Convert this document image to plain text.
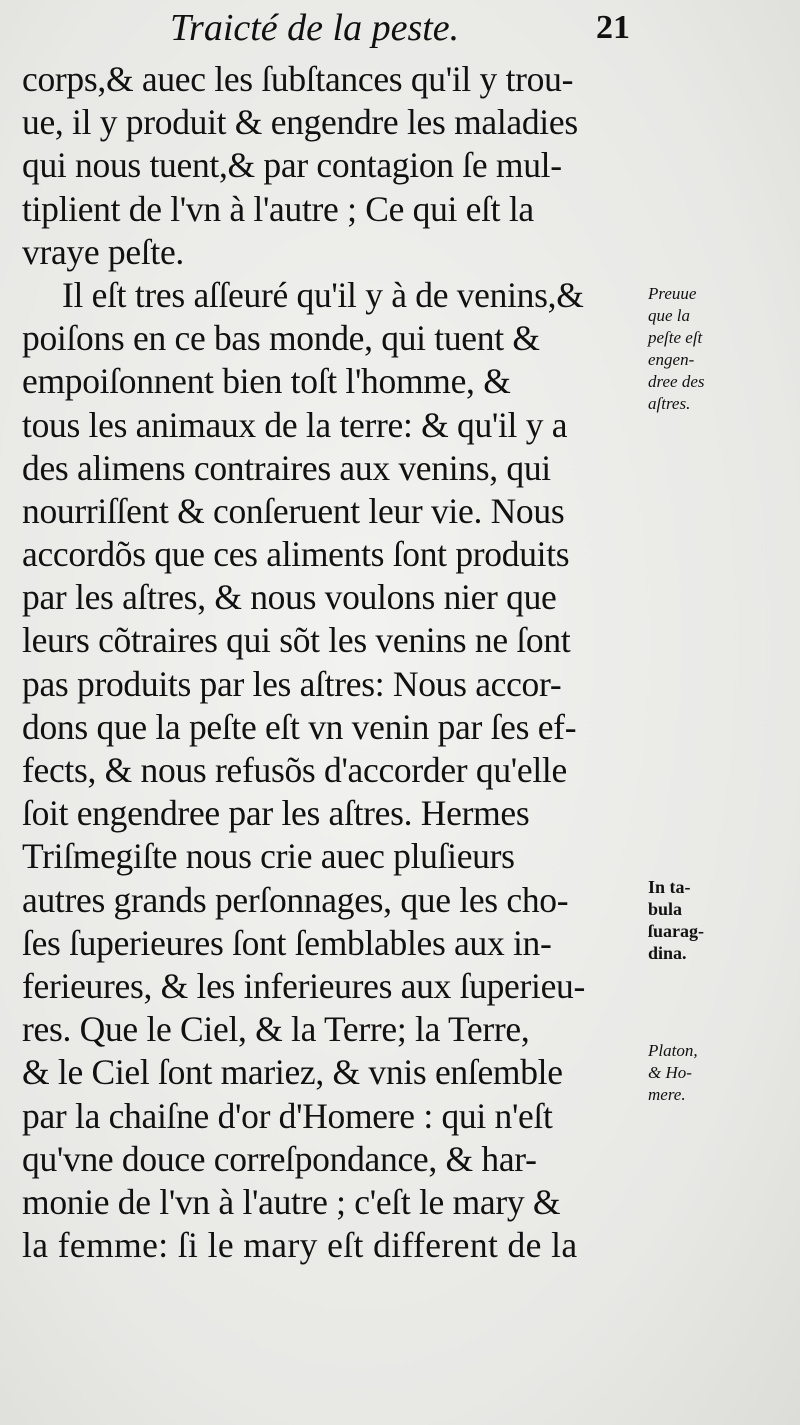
Traicté de la peste.	21
corps,& auec les ſubſtances qu'il y trou-
ue, il y produit & engendre les maladies
qui nous tuent,& par contagion ſe mul-
tiplient de l'vn à l'autre ; Ce qui eſt la
vraye peſte.
Il eſt tres aſſeuré qu'il y à de venins,&
poiſons en ce bas monde, qui tuent &
empoiſonnent bien toſt l'homme, &
tous les animaux de la terre: & qu'il y a
des alimens contraires aux venins, qui
nourriſſent & conſeruent leur vie. Nous
accordõs que ces aliments ſont produits
par les aſtres, & nous voulons nier que
leurs cõtraires qui sõt les venins ne ſont
pas produits par les aſtres: Nous accor-
dons que la peſte eſt vn venin par ſes ef-
fects, & nous refusõs d'accorder qu'elle
ſoit engendree par les aſtres. Hermes
Triſmegiſte nous crie auec pluſieurs
autres grands perſonnages, que les cho-
ſes ſuperieures ſont ſemblables aux in-
ferieures, & les inferieures aux ſuperieu-
res. Que le Ciel, & la Terre; la Terre,
& le Ciel ſont mariez, & vnis enſemble
par la chaiſne d'or d'Homere : qui n'eſt
qu'vne douce correſpondance, & har-
monie de l'vn à l'autre ; c'eſt le mary &
la femme: ſi le mary eſt different de la
Preuue
que la
peſte eſt
engen-
dree des
aſtres.
In ta-
bula
ſuarag-
dina.
Platon,
& Ho-
mere.
